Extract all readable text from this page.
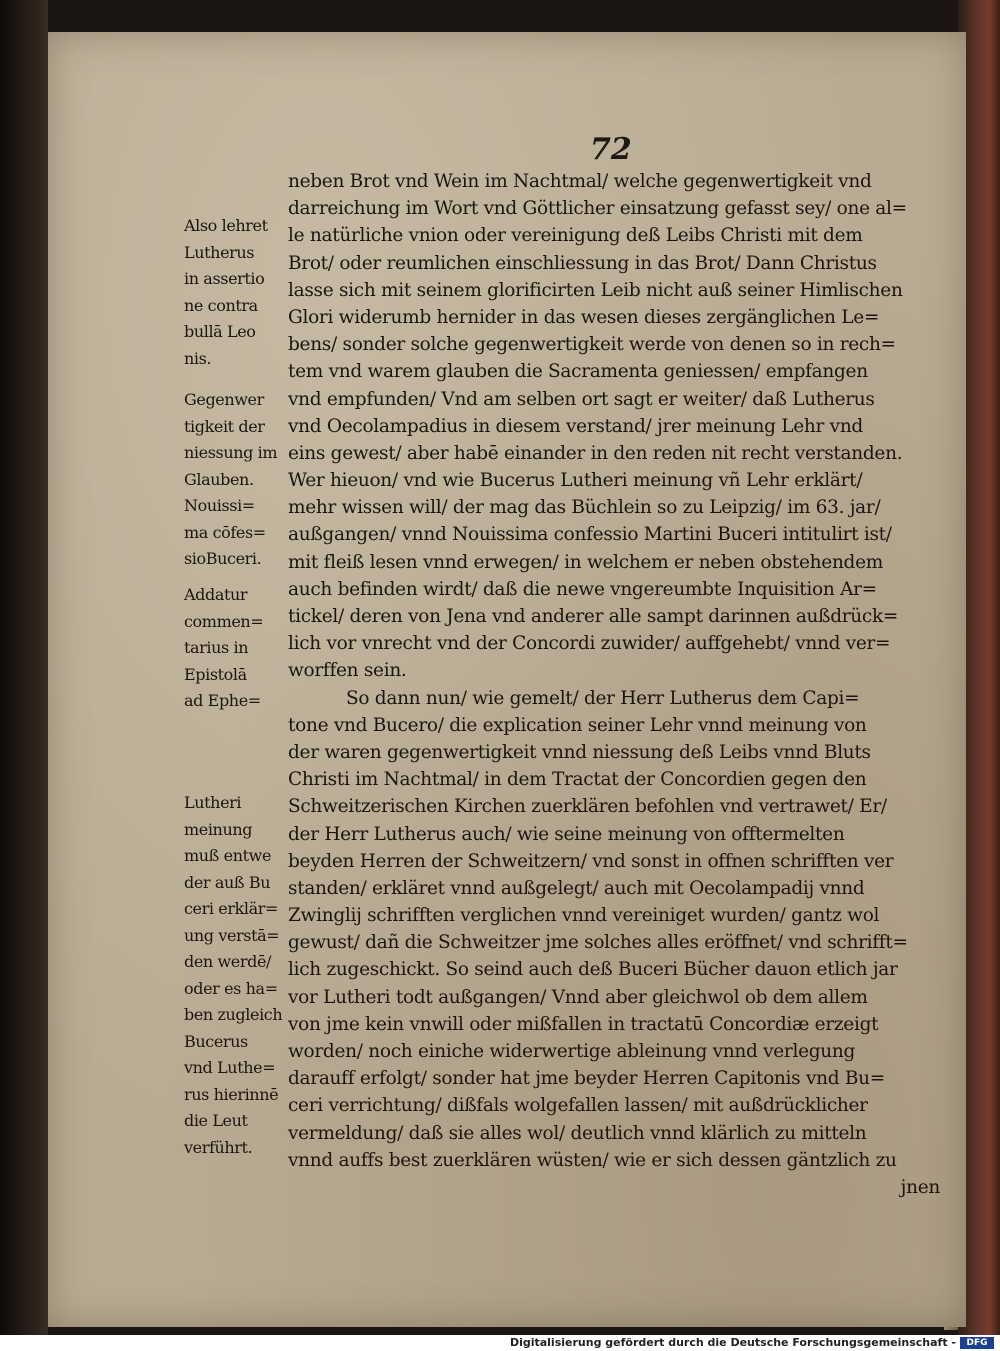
72
neben Brot vnd Wein im Nachtmal/ welche gegenwertigkeit vnd
darreichung im Wort vnd Göttlicher einsatzung gefasst sey/ one al=
le natürliche vnion oder vereinigung deß Leibs Christi mit dem
Brot/ oder reumlichen einschliessung in das Brot/ Dann Christus
lasse sich mit seinem glorificirten Leib nicht auß seiner Himlischen
Glori widerumb hernider in das wesen dieses zergänglichen Le=
bens/ sonder solche gegenwertigkeit werde von denen so in rech=
tem vnd warem glauben die Sacramenta geniessen/ empfangen
vnd empfunden/ Vnd am selben ort sagt er weiter/ daß Lutherus
vnd Oecolampadius in diesem verstand/ jrer meinung Lehr vnd
eins gewest/ aber habē einander in den reden nit recht verstanden.
Wer hieuon/ vnd wie Bucerus Lutheri meinung vñ Lehr erklärt/
mehr wissen will/ der mag das Büchlein so zu Leipzig/ im 63. jar/
außgangen/ vnnd Nouissima confessio Martini Buceri intitulirt ist/
mit fleiß lesen vnnd erwegen/ in welchem er neben obstehendem
auch befinden wirdt/ daß die newe vngereumbte Inquisition Ar=
tickel/ deren von Jena vnd anderer alle sampt darinnen außdrück=
lich vor vnrecht vnd der Concordi zuwider/ auffgehebt/ vnnd ver=
worffen sein.
So dann nun/ wie gemelt/ der Herr Lutherus dem Capi=
tone vnd Bucero/ die explication seiner Lehr vnnd meinung von
der waren gegenwertigkeit vnnd niessung deß Leibs vnnd Bluts
Christi im Nachtmal/ in dem Tractat der Concordien gegen den
Schweitzerischen Kirchen zuerklären befohlen vnd vertrawet/ Er/
der Herr Lutherus auch/ wie seine meinung von offtermelten
beyden Herren der Schweitzern/ vnd sonst in offnen schrifften ver
standen/ erkläret vnnd außgelegt/ auch mit Oecolampadij vnnd
Zwinglij schrifften verglichen vnnd vereiniget wurden/ gantz wol
gewust/ dañ die Schweitzer jme solches alles eröffnet/ vnd schrifft=
lich zugeschickt. So seind auch deß Buceri Bücher dauon etlich jar
vor Lutheri todt außgangen/ Vnnd aber gleichwol ob dem allem
von jme kein vnwill oder mißfallen in tractatū Concordiæ erzeigt
worden/ noch einiche widerwertige ableinung vnnd verlegung
darauff erfolgt/ sonder hat jme beyder Herren Capitonis vnd Bu=
ceri verrichtung/ dißfals wolgefallen lassen/ mit außdrücklicher
vermeldung/ daß sie alles wol/ deutlich vnnd klärlich zu mitteln
vnnd auffs best zuerklären wüsten/ wie er sich dessen gäntzlich zu
jnen
Also lehret
Lutherus
in assertio
ne contra
bullā Leo
nis.
Gegenwer
tigkeit der
niessung im
Glauben.
Nouissi=
ma cōfes=
sioBuceri.
Addatur
commen=
tarius in
Epistolā
ad Ephe=
Lutheri
meinung
muß entwe
der auß Bu
ceri erklär=
ung verstā=
den werdē/
oder es ha=
ben zugleich
Bucerus
vnd Luthe=
rus hierinnē
die Leut
verführt.
Digitalisierung gefördert durch die Deutsche Forschungsgemeinschaft -	DFG
